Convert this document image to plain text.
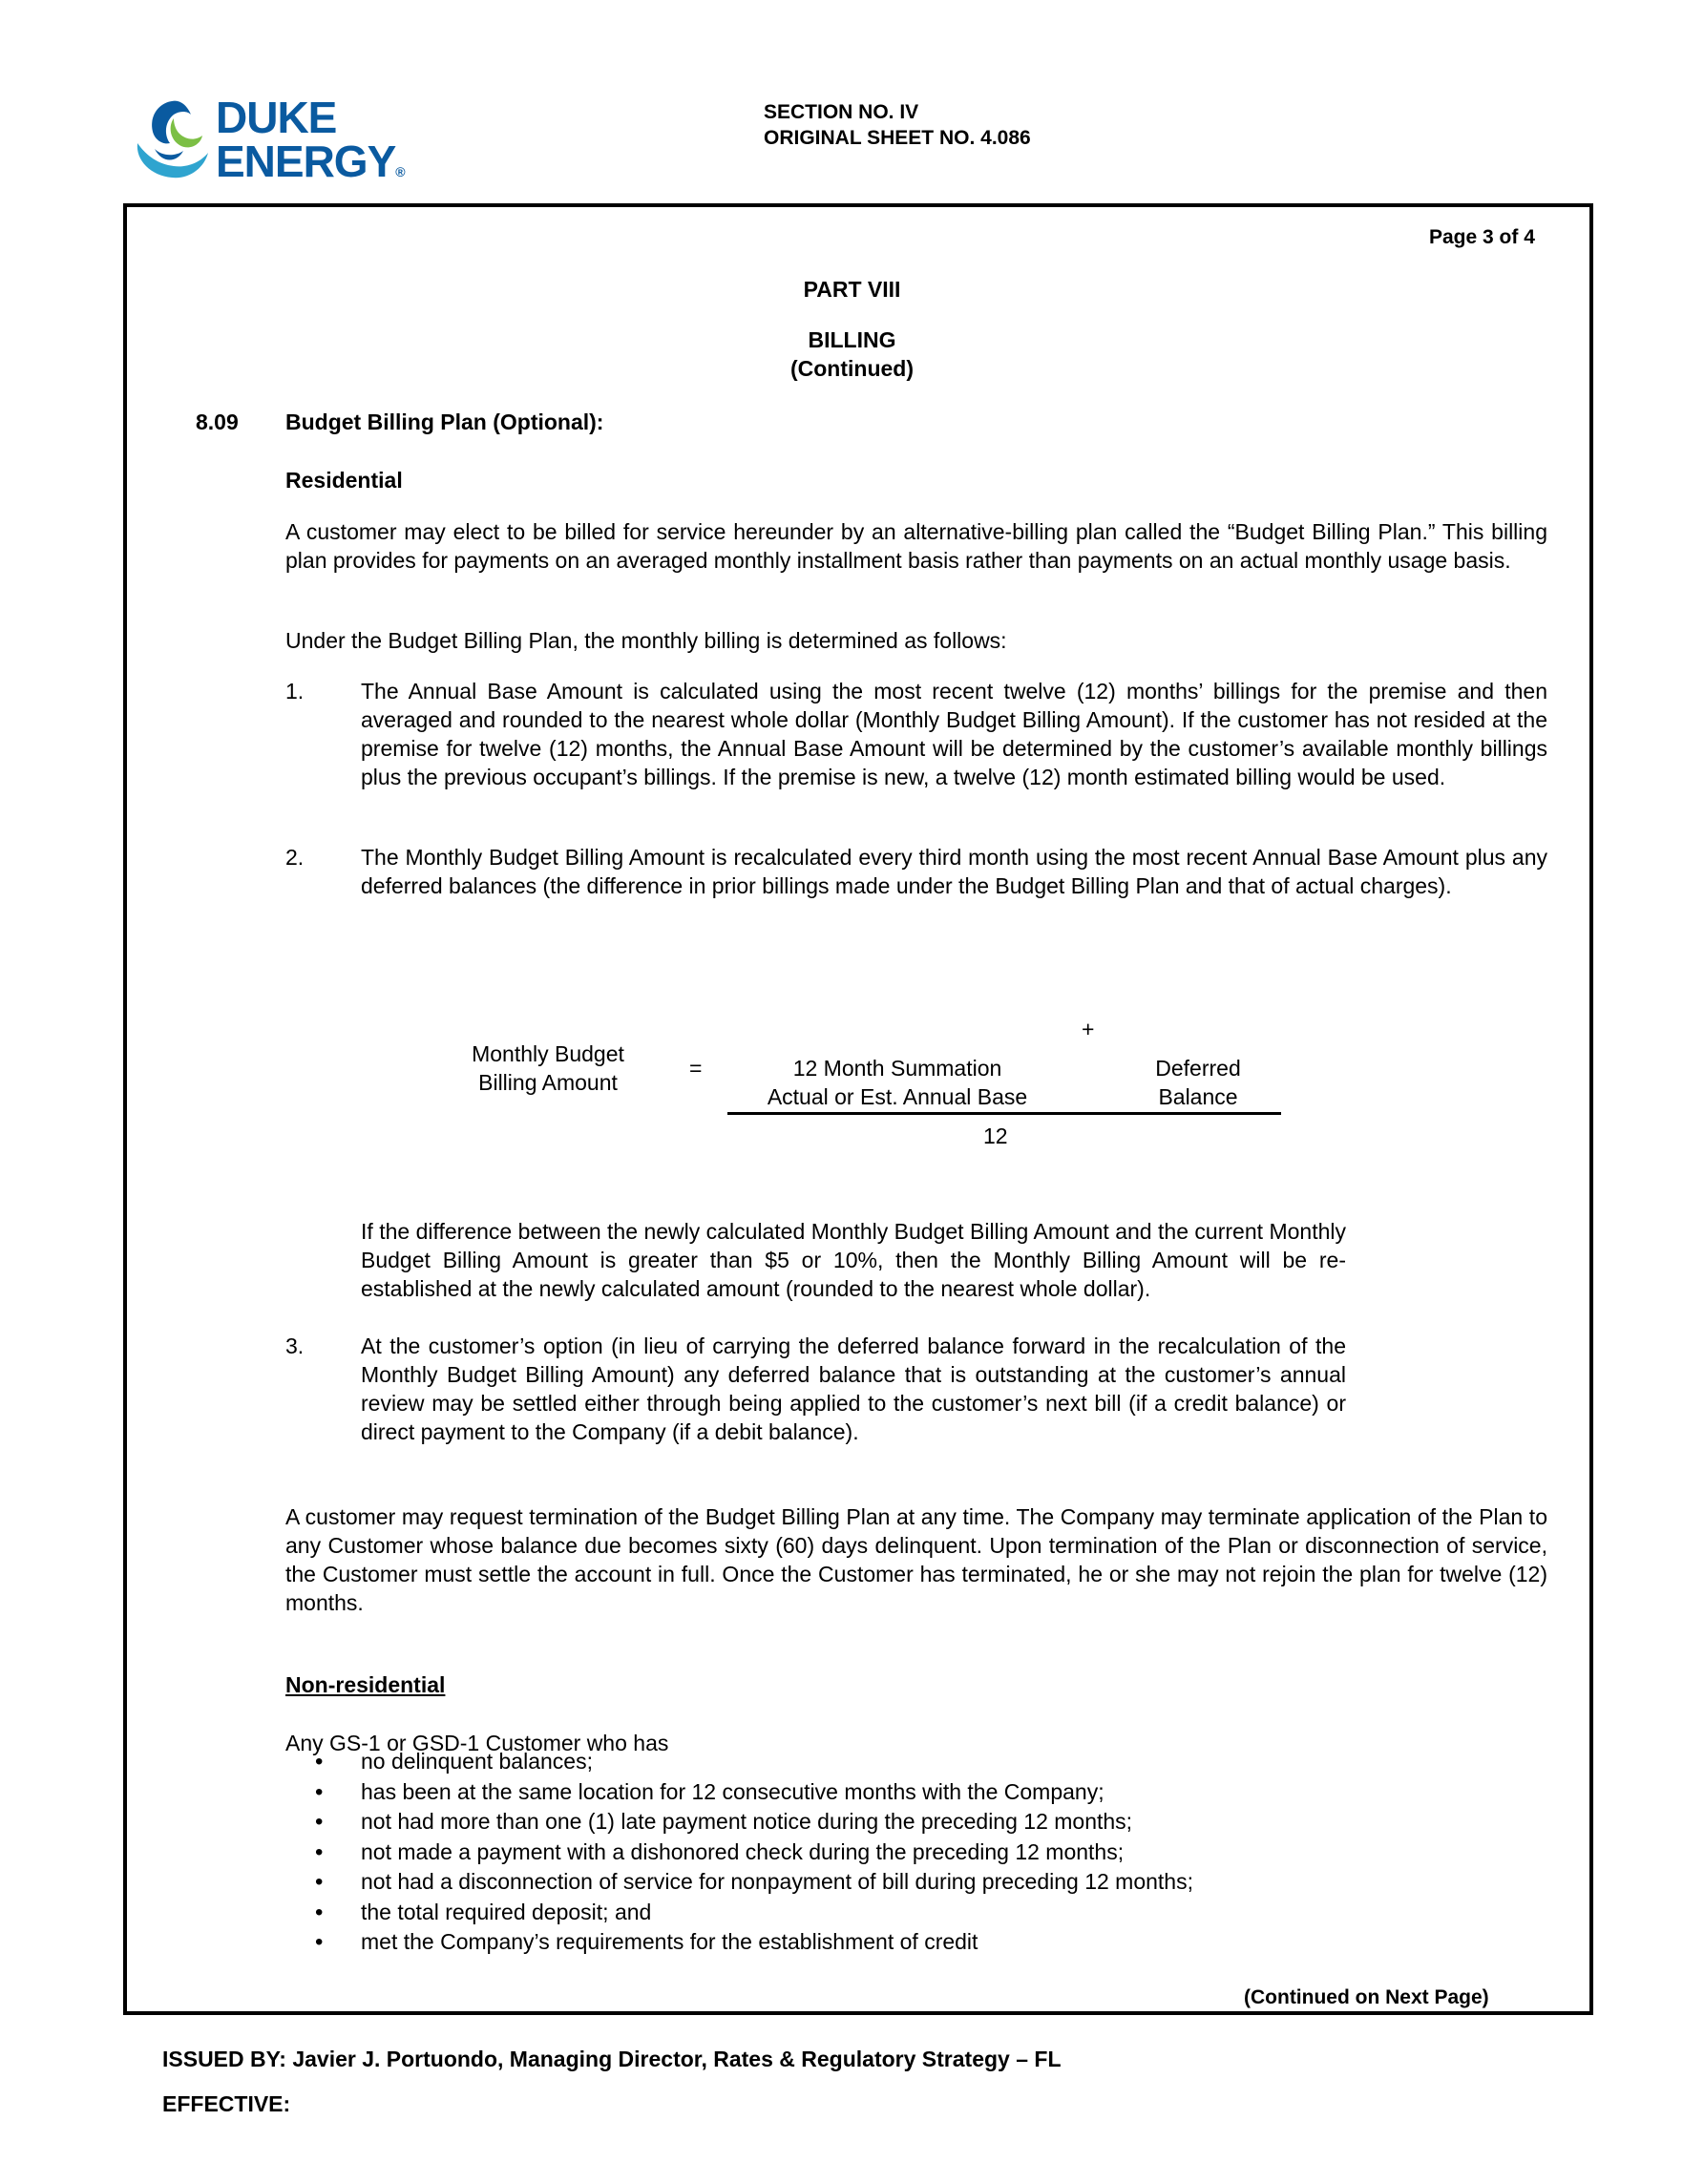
DUKE
ENERGY®
SECTION NO. IV
ORIGINAL SHEET NO. 4.086
Page 3 of 4
PART VIII
BILLING
(Continued)
8.09 Budget Billing Plan (Optional):
Residential
A customer may elect to be billed for service hereunder by an alternative-billing plan called the “Budget Billing Plan.” This billing plan provides for payments on an averaged monthly installment basis rather than payments on an actual monthly usage basis.
Under the Budget Billing Plan, the monthly billing is determined as follows:
1.	The Annual Base Amount is calculated using the most recent twelve (12) months’ billings for the premise and then averaged and rounded to the nearest whole dollar (Monthly Budget Billing Amount). If the customer has not resided at the premise for twelve (12) months, the Annual Base Amount will be determined by the customer’s available monthly billings plus the previous occupant’s billings. If the premise is new, a twelve (12) month estimated billing would be used.
2.	The Monthly Budget Billing Amount is recalculated every third month using the most recent Annual Base Amount plus any deferred balances (the difference in prior billings made under the Budget Billing Plan and that of actual charges).
+
Monthly Budget
Billing Amount
=	12 Month Summation
Actual or Est. Annual Base
Deferred
Balance
12
If the difference between the newly calculated Monthly Budget Billing Amount and the current Monthly Budget Billing Amount is greater than $5 or 10%, then the Monthly Billing Amount will be re-established at the newly calculated amount (rounded to the nearest whole dollar).
3.	At the customer’s option (in lieu of carrying the deferred balance forward in the recalculation of the Monthly Budget Billing Amount) any deferred balance that is outstanding at the customer’s annual review may be settled either through being applied to the customer’s next bill (if a credit balance) or direct payment to the Company (if a debit balance).
A customer may request termination of the Budget Billing Plan at any time. The Company may terminate application of the Plan to any Customer whose balance due becomes sixty (60) days delinquent. Upon termination of the Plan or disconnection of service, the Customer must settle the account in full. Once the Customer has terminated, he or she may not rejoin the plan for twelve (12) months.
Non-residential
Any GS-1 or GSD-1 Customer who has
• no delinquent balances;
• has been at the same location for 12 consecutive months with the Company;
• not had more than one (1) late payment notice during the preceding 12 months;
• not made a payment with a dishonored check during the preceding 12 months;
• not had a disconnection of service for nonpayment of bill during preceding 12 months;
• the total required deposit; and
• met the Company’s requirements for the establishment of credit
(Continued on Next Page)
ISSUED BY: Javier J. Portuondo, Managing Director, Rates & Regulatory Strategy – FL
EFFECTIVE:
